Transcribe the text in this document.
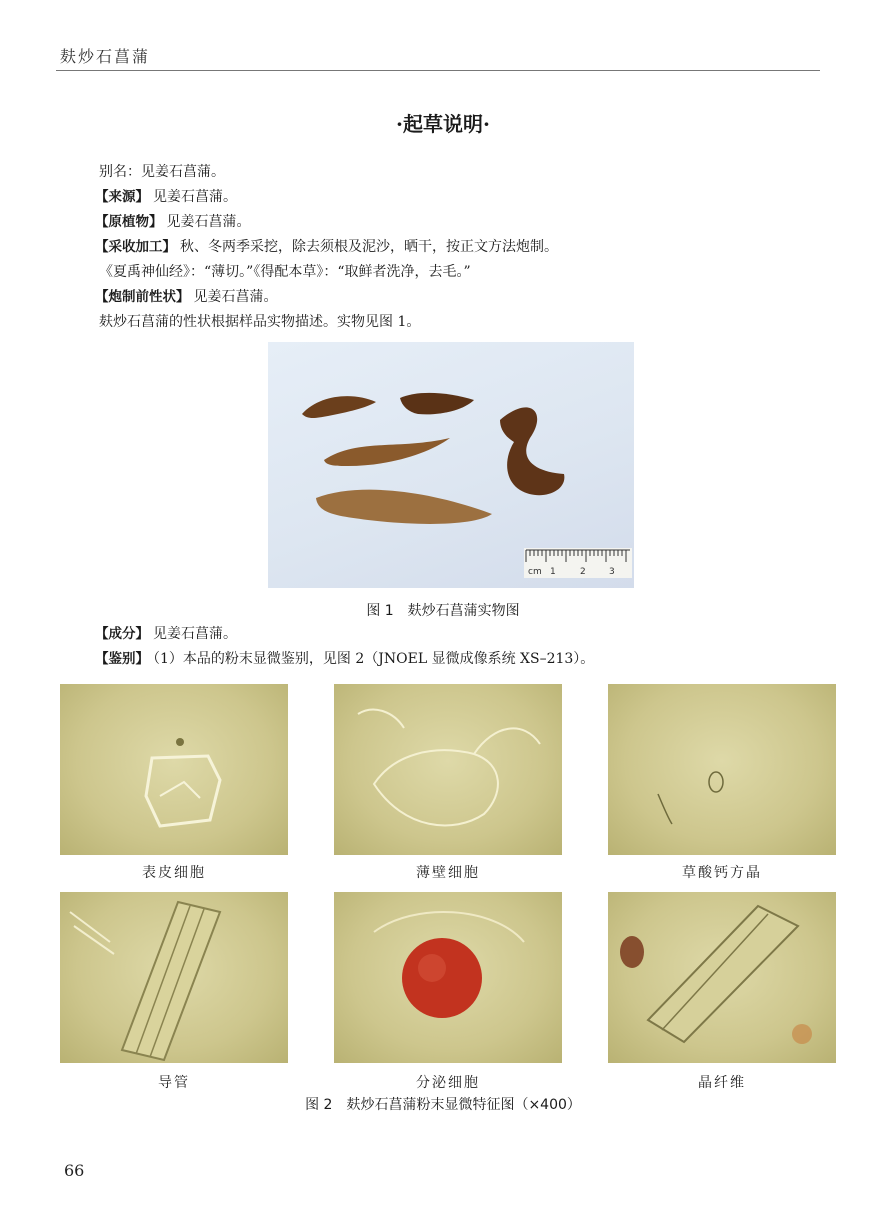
麸炒石菖蒲
·起草说明·
别名：见姜石菖蒲。
【来源】 见姜石菖蒲。
【原植物】 见姜石菖蒲。
【采收加工】 秋、冬两季采挖，除去须根及泥沙，晒干，按正文方法炮制。
《夏禹神仙经》：“薄切。”《得配本草》：“取鲜者洗净，去毛。”
【炮制前性状】 见姜石菖蒲。
麸炒石菖蒲的性状根据样品实物描述。实物见图 1。
cm 1	2	3
图 1　麸炒石菖蒲实物图
【成分】 见姜石菖蒲。
【鉴别】 （1）本品的粉末显微鉴别，见图 2（JNOEL 显微成像系统 XS–213）。
表皮细胞	薄壁细胞	草酸钙方晶
导管	分泌细胞	晶纤维
图 2　麸炒石菖蒲粉末显微特征图（×400）
66
